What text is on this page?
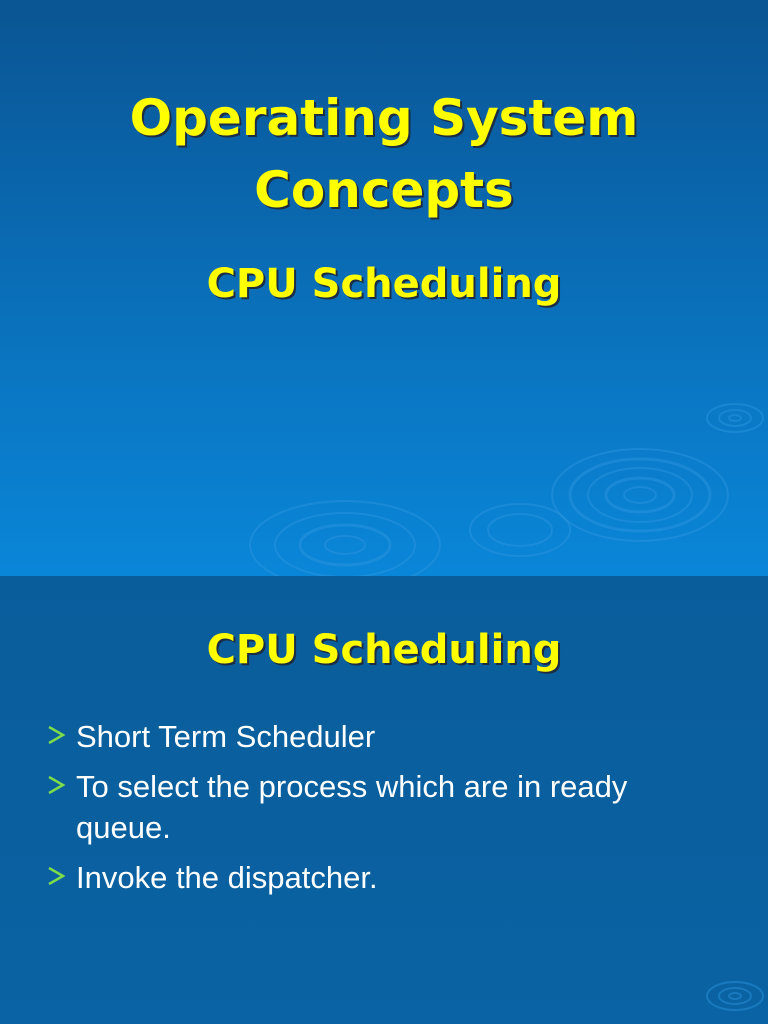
Operating System
Concepts
CPU Scheduling
CPU Scheduling
Short Term Scheduler
To select the process which are in ready queue.
Invoke the dispatcher.
